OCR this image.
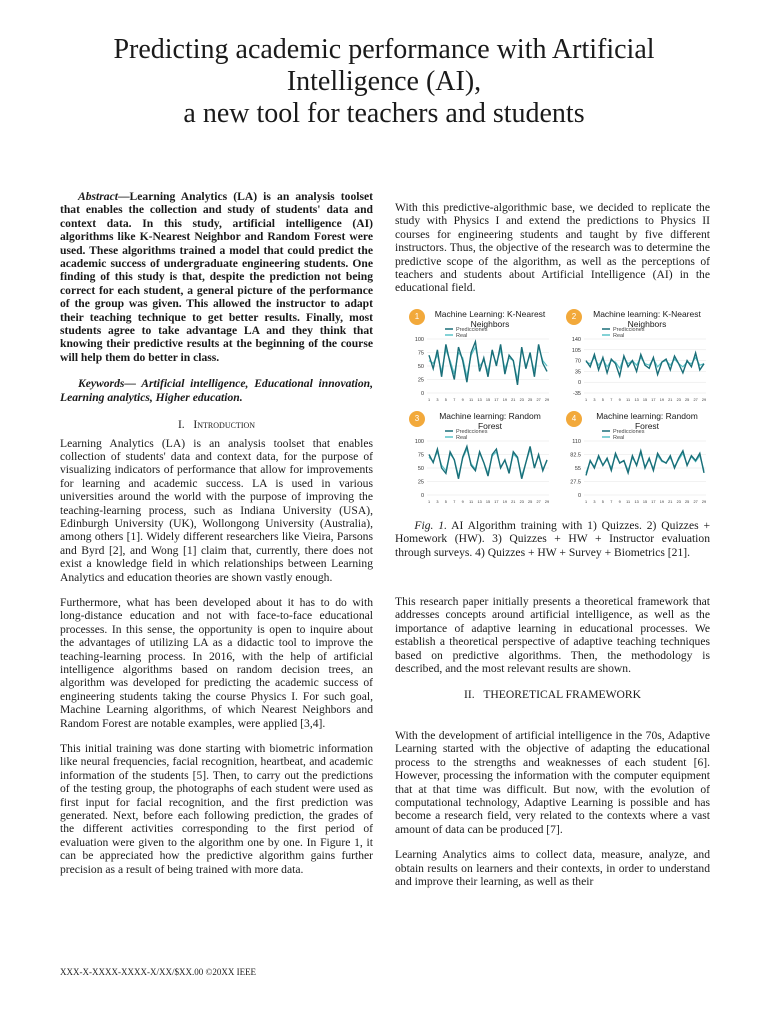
Predicting academic performance with Artificial
Intelligence (AI),
a new tool for teachers and students

Abstract—Learning Analytics (LA) is an analysis toolset that enables the collection and study of students' data and context data. In this study, artificial intelligence (AI) algorithms like K-Nearest Neighbor and Random Forest were used. These algorithms trained a model that could predict the academic success of undergraduate engineering students. One finding of this study is that, despite the prediction not being correct for each student, a general picture of the performance of the group was given. This allowed the instructor to adapt their teaching technique to get better results. Finally, most students agree to take advantage LA and they think that knowing their predictive results at the beginning of the course will help them do better in class.

Keywords— Artificial intelligence, Educational innovation, Learning analytics, Higher education.

I. Introduction

Learning Analytics (LA) is an analysis toolset that enables collection of students' data and context data, for the purpose of visualizing indicators of performance that allow for improvements for learning and academic success. LA is used in various universities around the world with the purpose of improving the teaching-learning process, such as Indiana University (USA), Edinburgh University (UK), Wollongong University (Australia), among others [1]. Widely different researchers like Vieira, Parsons and Byrd [2], and Wong [1] claim that, currently, there does not exist a knowledge field in which relationships between Learning Analytics and education theories are shown vastly enough.

Furthermore, what has been developed about it has to do with long-distance education and not with face-to-face educational processes. In this sense, the opportunity is open to inquire about the advantages of utilizing LA as a didactic tool to improve the teaching-learning process. In 2016, with the help of artificial intelligence algorithms based on random decision trees, an algorithm was developed for predicting the academic success of engineering students taking the course Physics I. For such goal, Machine Learning algorithms, of which Nearest Neighbors and Random Forest are notable examples, were applied [3,4].

This initial training was done starting with biometric information like neural frequencies, facial recognition, heartbeat, and academic information of the students [5]. Then, to carry out the predictions of the testing group, the photographs of each student were used as first input for facial recognition, and the first prediction was generated. Next, before each following prediction, the grades of the different activities corresponding to the first period of evaluation were given to the algorithm one by one. In Figure 1, it can be appreciated how the predictive algorithm gains further precision as a result of being trained with more data.

With this predictive-algorithmic base, we decided to replicate the study with Physics I and extend the predictions to Physics II courses for engineering students and taught by five different instructors. Thus, the objective of the research was to determine the predictive scope of the algorithm, as well as the perceptions of teachers and students about Artificial Intelligence (AI) in the educational field.

1	Machine Learning: K-Nearest Neighbors
Predicciones
Real
100
75
50
25
0
1 3 5 7 9 11 13 15 17 19 21 23 25 27 29
2	Machine learning: K-Nearest Neighbors
Predicciones
Real
140
105
70
35
0
-35
1 3 5 7 9 11 13 15 17 19 21 23 25 27 29
3	Machine learning: Random Forest
Predicciones
Real
100
75
50
25
0
1 3 5 7 9 11 13 15 17 19 21 23 25 27 29
4	Machine learning: Random Forest
Predicciones
Real
110
82.5
55
27.5
0
1 3 5 7 9 11 13 15 17 19 21 23 25 27 29

Fig. 1. AI Algorithm training with 1) Quizzes. 2) Quizzes + Homework (HW). 3) Quizzes + HW + Instructor evaluation through surveys. 4) Quizzes + HW + Survey + Biometrics [21].

This research paper initially presents a theoretical framework that addresses concepts around artificial intelligence, as well as the importance of adaptive learning in educational processes. We establish a theoretical perspective of adaptive teaching techniques based on predictive algorithms. Then, the methodology is described, and the most relevant results are shown.

II. THEORETICAL FRAMEWORK

With the development of artificial intelligence in the 70s, Adaptive Learning started with the objective of adapting the educational process to the strengths and weaknesses of each student [6]. However, processing the information with the computer equipment that at that time was difficult. But now, with the evolution of computational technology, Adaptive Learning is possible and has become a research field, very related to the contexts where a vast amount of data can be produced [7].

Learning Analytics aims to collect data, measure, analyze, and obtain results on learners and their contexts, in order to understand and improve their learning, as well as their

XXX-X-XXXX-XXXX-X/XX/$XX.00 ©20XX IEEE
